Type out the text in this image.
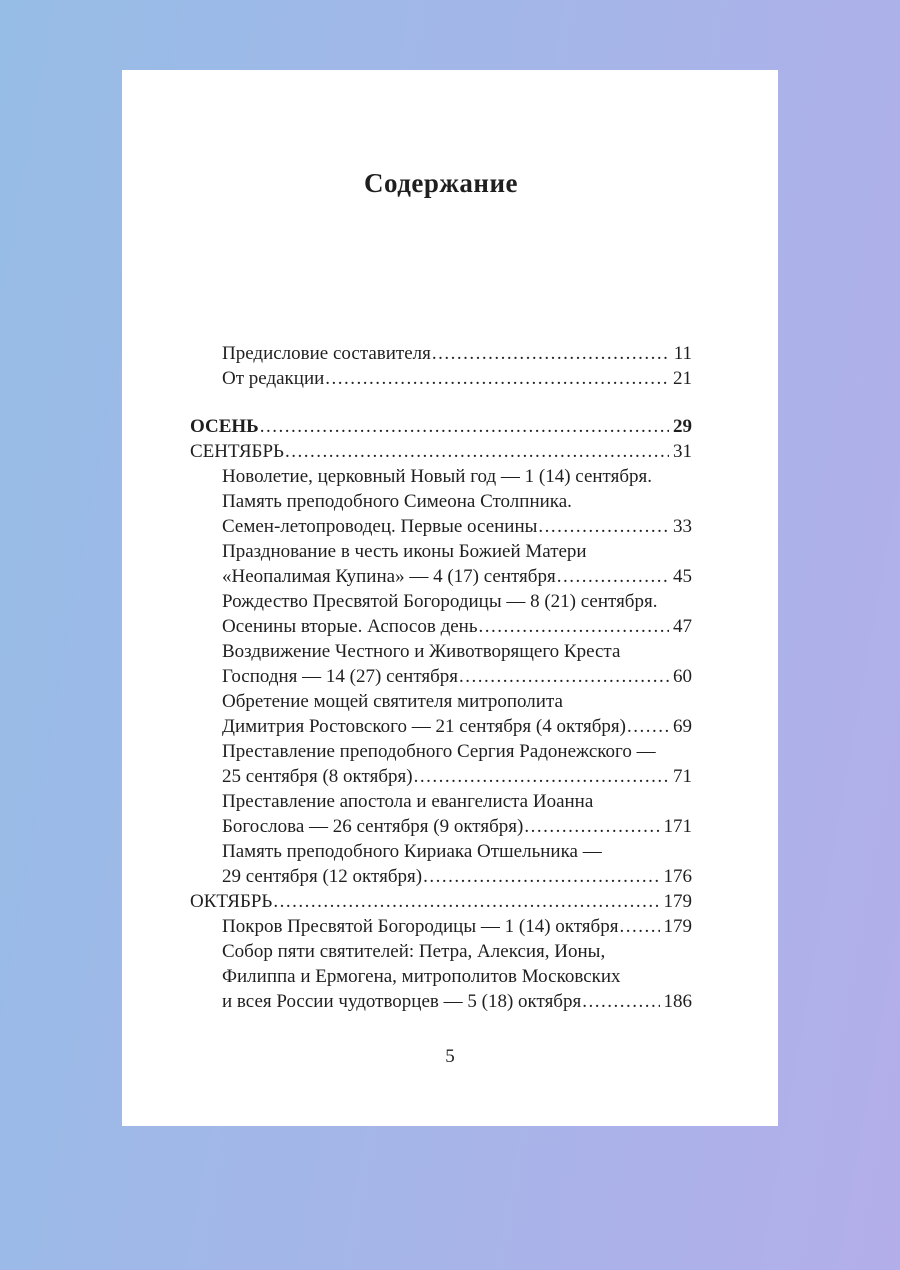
Содержание
Предисловие составителя .....	11
От редакции .....	21
ОСЕНЬ .....	29
СЕНТЯБРЬ .....	31
Новолетие, церковный Новый год — 1 (14) сентября.
Память преподобного Симеона Столпника.
Семен-летопроводец. Первые осенины .....	33
Празднование в честь иконы Божией Матери
«Неопалимая Купина» — 4 (17) сентября .....	45
Рождество Пресвятой Богородицы — 8 (21) сентября.
Осенины вторые. Аспосов день .....	47
Воздвижение Честного и Животворящего Креста
Господня — 14 (27) сентября .....	60
Обретение мощей святителя митрополита
Димитрия Ростовского — 21 сентября (4 октября) ..... 69
Преставление преподобного Сергия Радонежского —
25 сентября (8 октября) .....	71
Преставление апостола и евангелиста Иоанна
Богослова — 26 сентября (9 октября) .....	171
Память преподобного Кириака Отшельника —
29 сентября (12 октября) .....	176
ОКТЯБРЬ .....	179
Покров Пресвятой Богородицы — 1 (14) октября ..... 179
Собор пяти святителей: Петра, Алексия, Ионы,
Филиппа и Ермогена, митрополитов Московских
и всея России чудотворцев — 5 (18) октября .....	186
5
